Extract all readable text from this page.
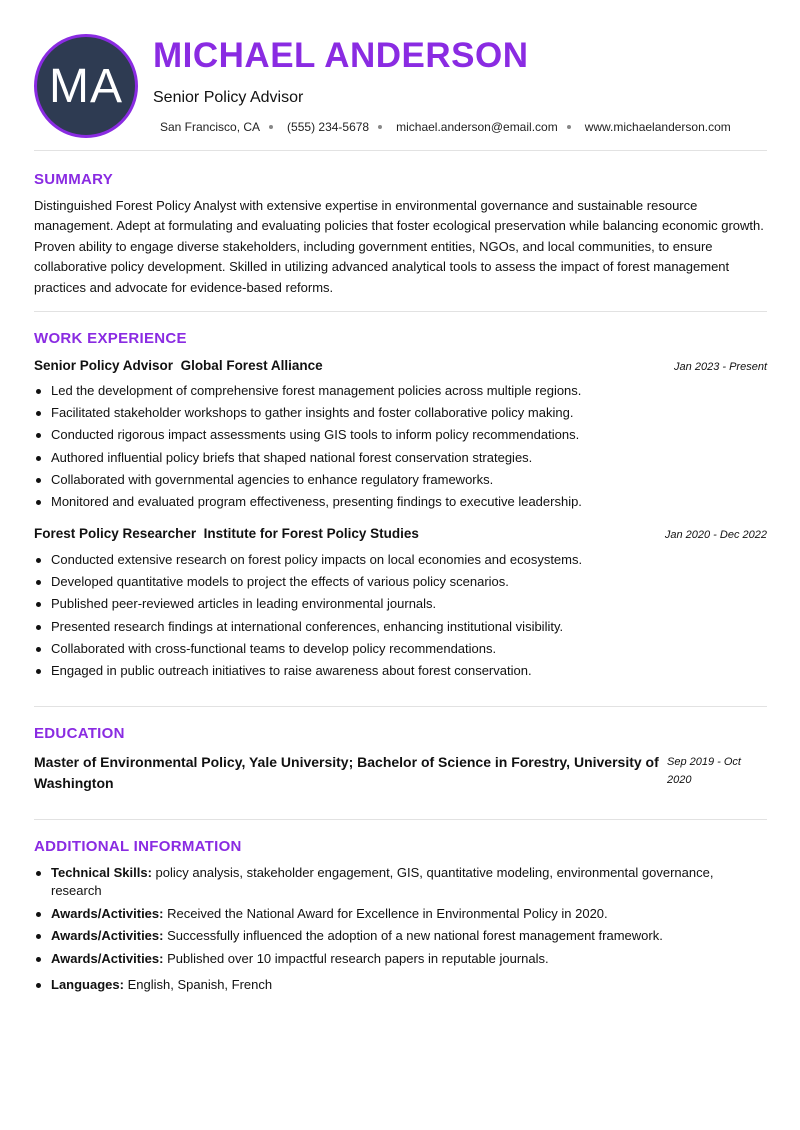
MA
MICHAEL ANDERSON
Senior Policy Advisor
San Francisco, CA (555) 234-5678 michael.anderson@email.com www.michaelanderson.com
SUMMARY
Distinguished Forest Policy Analyst with extensive expertise in environmental governance and sustainable resource management. Adept at formulating and evaluating policies that foster ecological preservation while balancing economic growth. Proven ability to engage diverse stakeholders, including government entities, NGOs, and local communities, to ensure collaborative policy development. Skilled in utilizing advanced analytical tools to assess the impact of forest management practices and advocate for evidence-based reforms.
WORK EXPERIENCE
Senior Policy Advisor Global Forest Alliance	Jan 2023 - Present
Led the development of comprehensive forest management policies across multiple regions.
Facilitated stakeholder workshops to gather insights and foster collaborative policy making.
Conducted rigorous impact assessments using GIS tools to inform policy recommendations.
Authored influential policy briefs that shaped national forest conservation strategies.
Collaborated with governmental agencies to enhance regulatory frameworks.
Monitored and evaluated program effectiveness, presenting findings to executive leadership.
Forest Policy Researcher Institute for Forest Policy Studies	Jan 2020 - Dec 2022
Conducted extensive research on forest policy impacts on local economies and ecosystems.
Developed quantitative models to project the effects of various policy scenarios.
Published peer-reviewed articles in leading environmental journals.
Presented research findings at international conferences, enhancing institutional visibility.
Collaborated with cross-functional teams to develop policy recommendations.
Engaged in public outreach initiatives to raise awareness about forest conservation.
EDUCATION
Master of Environmental Policy, Yale University; Bachelor of Science in Forestry, University of Washington
Sep 2019 - Oct 2020
ADDITIONAL INFORMATION
Technical Skills: policy analysis, stakeholder engagement, GIS, quantitative modeling, environmental governance, research
Awards/Activities: Received the National Award for Excellence in Environmental Policy in 2020.
Awards/Activities: Successfully influenced the adoption of a new national forest management framework.
Awards/Activities: Published over 10 impactful research papers in reputable journals.
Languages: English, Spanish, French
